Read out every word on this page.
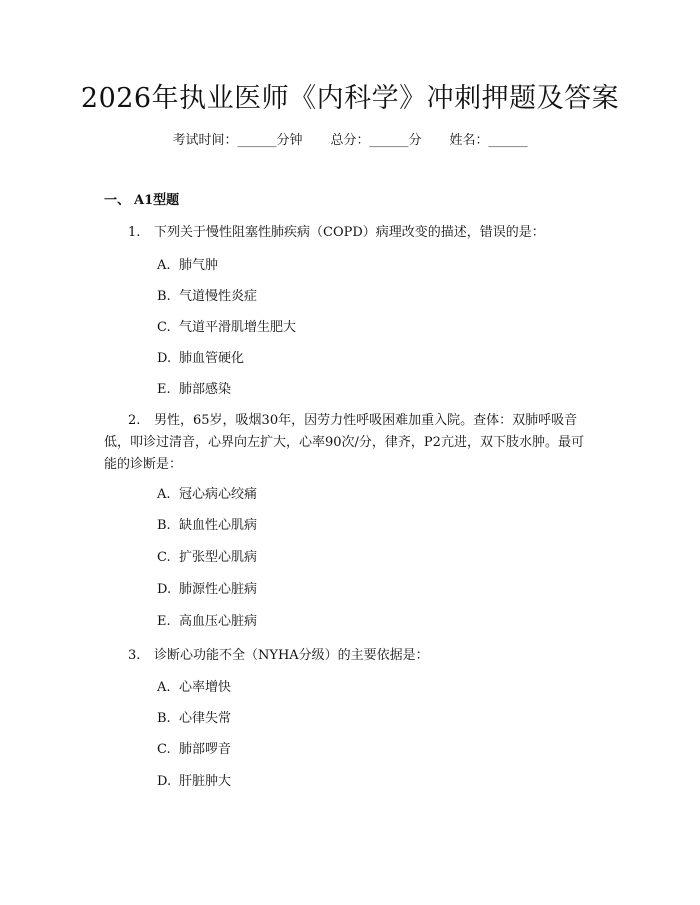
2026年执业医师《内科学》冲刺押题及答案
考试时间：______分钟 总分：______分 姓名：______
一、 A1型题
1. 下列关于慢性阻塞性肺疾病（COPD）病理改变的描述，错误的是：
A. 肺气肿
B. 气道慢性炎症
C. 气道平滑肌增生肥大
D. 肺血管硬化
E. 肺部感染
2. 男性，65岁，吸烟30年，因劳力性呼吸困难加重入院。查体：双肺呼吸音低，叩诊过清音，心界向左扩大，心率90次/分，律齐，P2亢进，双下肢水肿。最可能的诊断是：
A. 冠心病心绞痛
B. 缺血性心肌病
C. 扩张型心肌病
D. 肺源性心脏病
E. 高血压心脏病
3. 诊断心功能不全（NYHA分级）的主要依据是：
A. 心率增快
B. 心律失常
C. 肺部啰音
D. 肝脏肿大
